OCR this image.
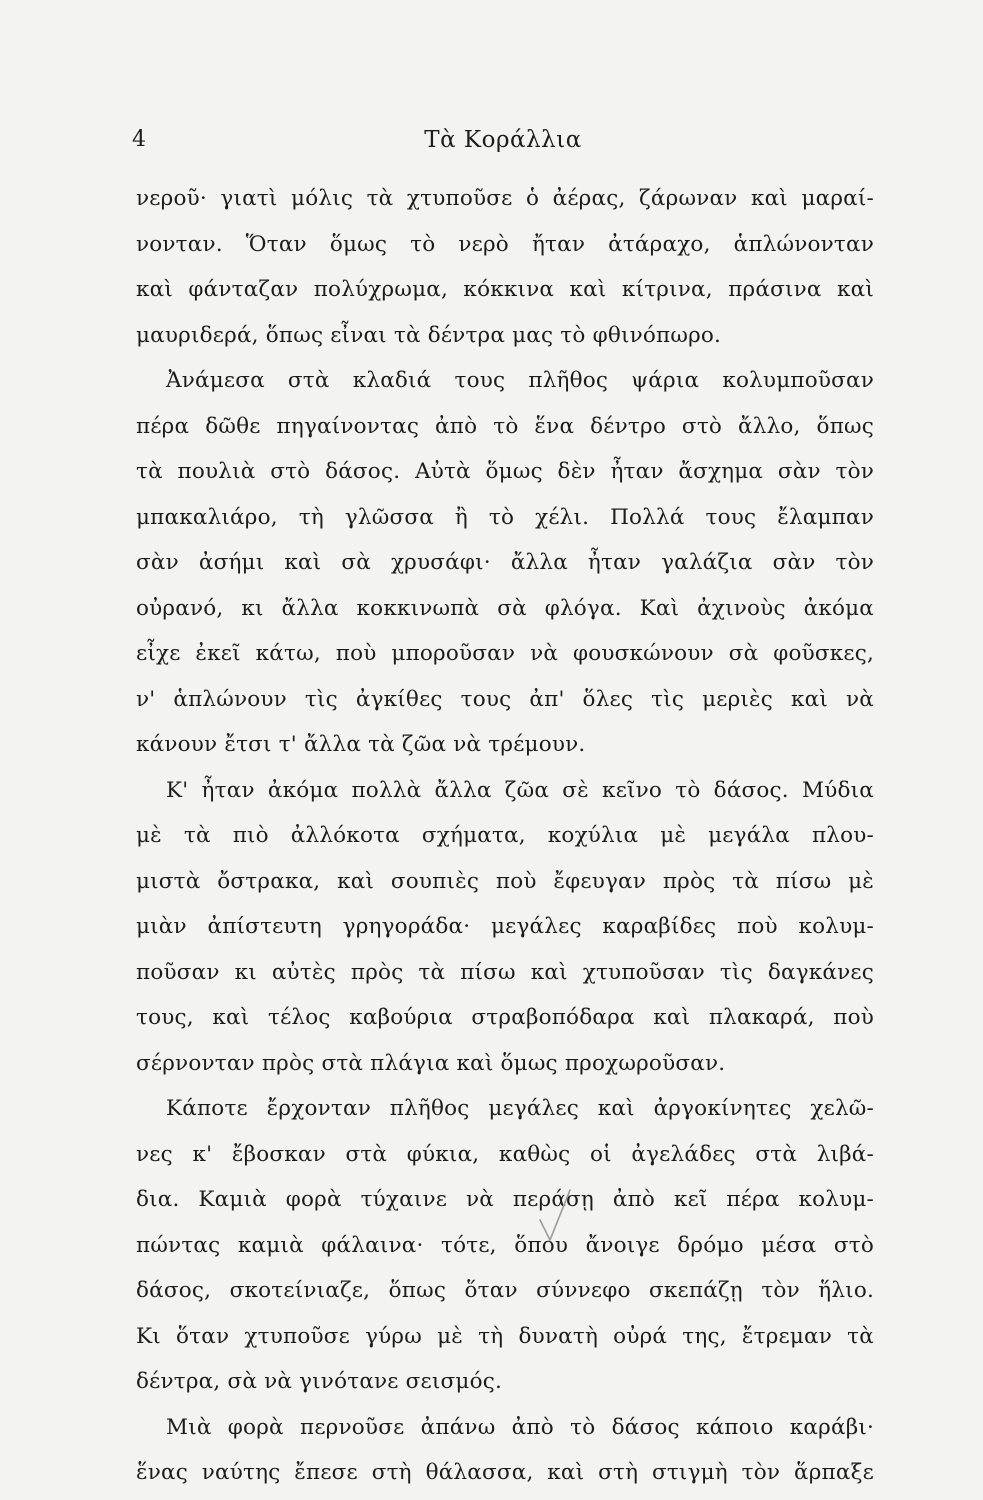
4	Τὰ Κοράλλια
νεροῦ· γιατὶ μόλις τὰ χτυποῦσε ὁ ἀέρας, ζάρωναν καὶ μαραί-
νονταν. Ὅταν ὅμως τὸ νερὸ ἤταν ἀτάραχο, ἁπλώνονταν
καὶ φάνταζαν πολύχρωμα, κόκκινα καὶ κίτρινα, πράσινα καὶ
μαυριδερά, ὅπως εἶναι τὰ δέντρα μας τὸ φθινόπωρο.
Ἀνάμεσα στὰ κλαδιά τους πλῆθος ψάρια κολυμποῦσαν
πέρα δῶθε πηγαίνοντας ἀπὸ τὸ ἕνα δέντρο στὸ ἄλλο, ὅπως
τὰ πουλιὰ στὸ δάσος. Αὐτὰ ὅμως δὲν ἦταν ἄσχημα σὰν τὸν
μπακαλιάρο, τὴ γλῶσσα ἢ τὸ χέλι. Πολλά τους ἔλαμπαν
σὰν ἀσήμι καὶ σὰ χρυσάφι· ἄλλα ἦταν γαλάζια σὰν τὸν
οὐρανό, κι ἄλλα κοκκινωπὰ σὰ φλόγα. Καὶ ἀχινοὺς ἀκόμα
εἶχε ἐκεῖ κάτω, ποὺ μποροῦσαν νὰ φουσκώνουν σὰ φοῦσκες,
ν' ἁπλώνουν τὶς ἀγκίθες τους ἀπ' ὅλες τὶς μεριὲς καὶ νὰ
κάνουν ἔτσι τ' ἄλλα τὰ ζῶα νὰ τρέμουν.
Κ' ἦταν ἀκόμα πολλὰ ἄλλα ζῶα σὲ κεῖνο τὸ δάσος. Μύδια
μὲ τὰ πιὸ ἀλλόκοτα σχήματα, κοχύλια μὲ μεγάλα πλου-
μιστὰ ὄστρακα, καὶ σουπιὲς ποὺ ἔφευγαν πρὸς τὰ πίσω μὲ
μιὰν ἀπίστευτη γρηγοράδα· μεγάλες καραβίδες ποὺ κολυμ-
ποῦσαν κι αὐτὲς πρὸς τὰ πίσω καὶ χτυποῦσαν τὶς δαγκάνες
τους, καὶ τέλος καβούρια στραβοπόδαρα καὶ πλακαρά, ποὺ
σέρνονταν πρὸς στὰ πλάγια καὶ ὅμως προχωροῦσαν.
Κάποτε ἔρχονταν πλῆθος μεγάλες καὶ ἀργοκίνητες χελῶ-
νες κ' ἔβοσκαν στὰ φύκια, καθὼς οἱ ἀγελάδες στὰ λιβά-
δια. Καμιὰ φορὰ τύχαινε νὰ περάσῃ ἀπὸ κεῖ πέρα κολυμ-
πώντας καμιὰ φάλαινα· τότε, ὅπου ἄνοιγε δρόμο μέσα στὸ
δάσος, σκοτείνιαζε, ὅπως ὅταν σύννεφο σκεπάζῃ τὸν ἥλιο.
Κι ὅταν χτυποῦσε γύρω μὲ τὴ δυνατὴ οὐρά της, ἔτρεμαν τὰ
δέντρα, σὰ νὰ γινότανε σεισμός.
Μιὰ φορὰ περνοῦσε ἀπάνω ἀπὸ τὸ δάσος κάποιο καράβι·
ἕνας ναύτης ἔπεσε στὴ θάλασσα, καὶ στὴ στιγμὴ τὸν ἅρπαξε
